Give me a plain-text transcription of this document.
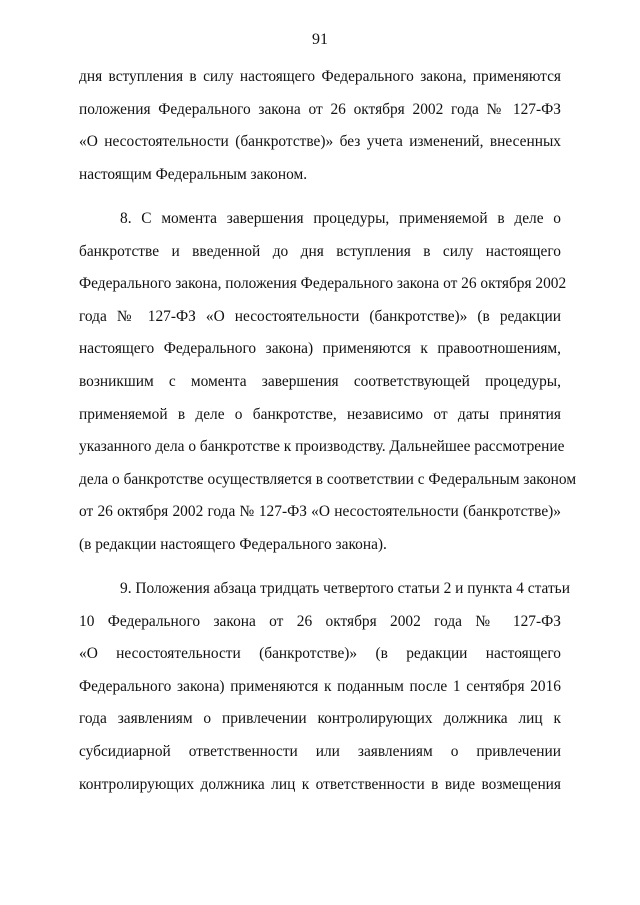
91
дня вступления в силу настоящего Федерального закона, применяются
положения Федерального закона от 26 октября 2002 года № 127-ФЗ
«О несостоятельности (банкротстве)» без учета изменений, внесенных
настоящим Федеральным законом.
8. С момента завершения процедуры, применяемой в деле о
банкротстве и введенной до дня вступления в силу настоящего
Федерального закона, положения Федерального закона от 26 октября 2002
года № 127-ФЗ «О несостоятельности (банкротстве)» (в редакции
настоящего Федерального закона) применяются к правоотношениям,
возникшим с момента завершения соответствующей процедуры,
применяемой в деле о банкротстве, независимо от даты принятия
указанного дела о банкротстве к производству. Дальнейшее рассмотрение
дела о банкротстве осуществляется в соответствии с Федеральным законом
от 26 октября 2002 года № 127-ФЗ «О несостоятельности (банкротстве)»
(в редакции настоящего Федерального закона).
9. Положения абзаца тридцать четвертого статьи 2 и пункта 4 статьи
10 Федерального закона от 26 октября 2002 года № 127-ФЗ
«О несостоятельности (банкротстве)» (в редакции настоящего
Федерального закона) применяются к поданным после 1 сентября 2016
года заявлениям о привлечении контролирующих должника лиц к
субсидиарной ответственности или заявлениям о привлечении
контролирующих должника лиц к ответственности в виде возмещения
